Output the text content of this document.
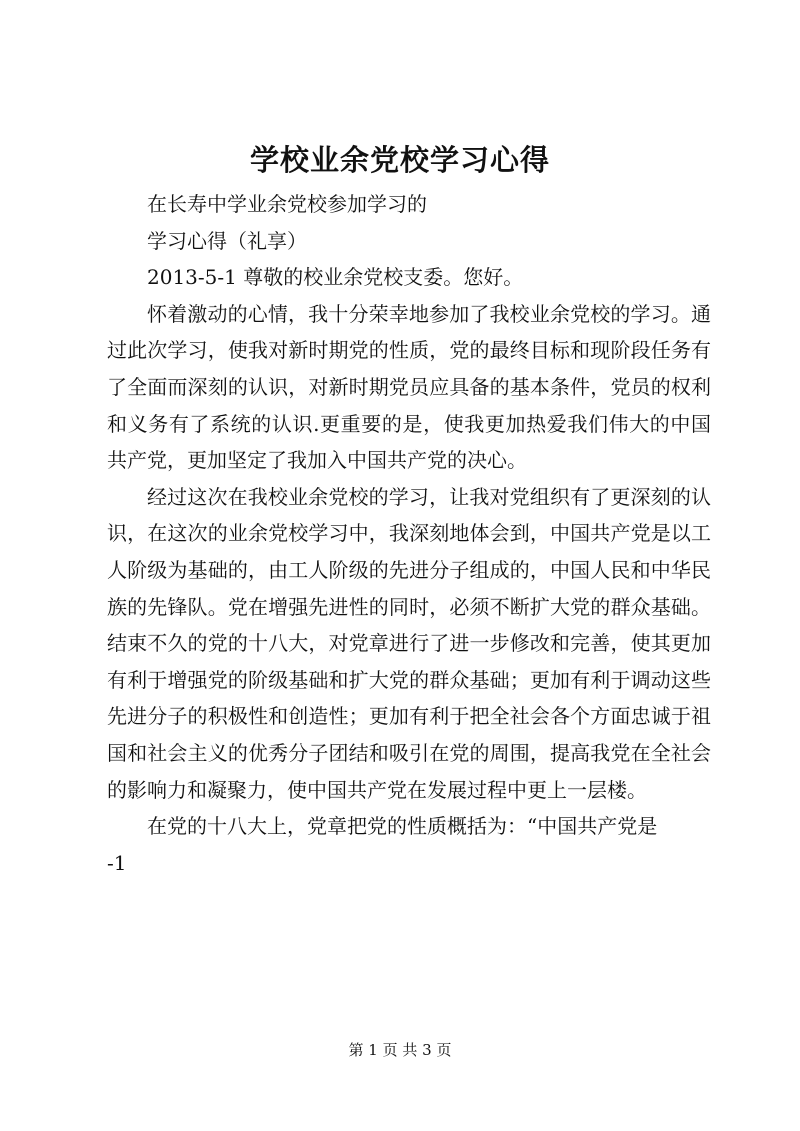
学校业余党校学习心得

在长寿中学业余党校参加学习的

学习心得（礼享）

2013-5-1 尊敬的校业余党校支委。您好。

怀着激动的心情，我十分荣幸地参加了我校业余党校的学习。通过此次学习，使我对新时期党的性质，党的最终目标和现阶段任务有了全面而深刻的认识，对新时期党员应具备的基本条件，党员的权利和义务有了系统的认识.更重要的是，使我更加热爱我们伟大的中国共产党，更加坚定了我加入中国共产党的决心。

经过这次在我校业余党校的学习，让我对党组织有了更深刻的认识，在这次的业余党校学习中，我深刻地体会到，中国共产党是以工人阶级为基础的，由工人阶级的先进分子组成的，中国人民和中华民族的先锋队。党在增强先进性的同时，必须不断扩大党的群众基础。结束不久的党的十八大，对党章进行了进一步修改和完善，使其更加有利于增强党的阶级基础和扩大党的群众基础；更加有利于调动这些先进分子的积极性和创造性；更加有利于把全社会各个方面忠诚于祖国和社会主义的优秀分子团结和吸引在党的周围，提高我党在全社会的影响力和凝聚力，使中国共产党在发展过程中更上一层楼。

在党的十八大上，党章把党的性质概括为：“中国共产党是

-1

第 1 页 共 3 页
